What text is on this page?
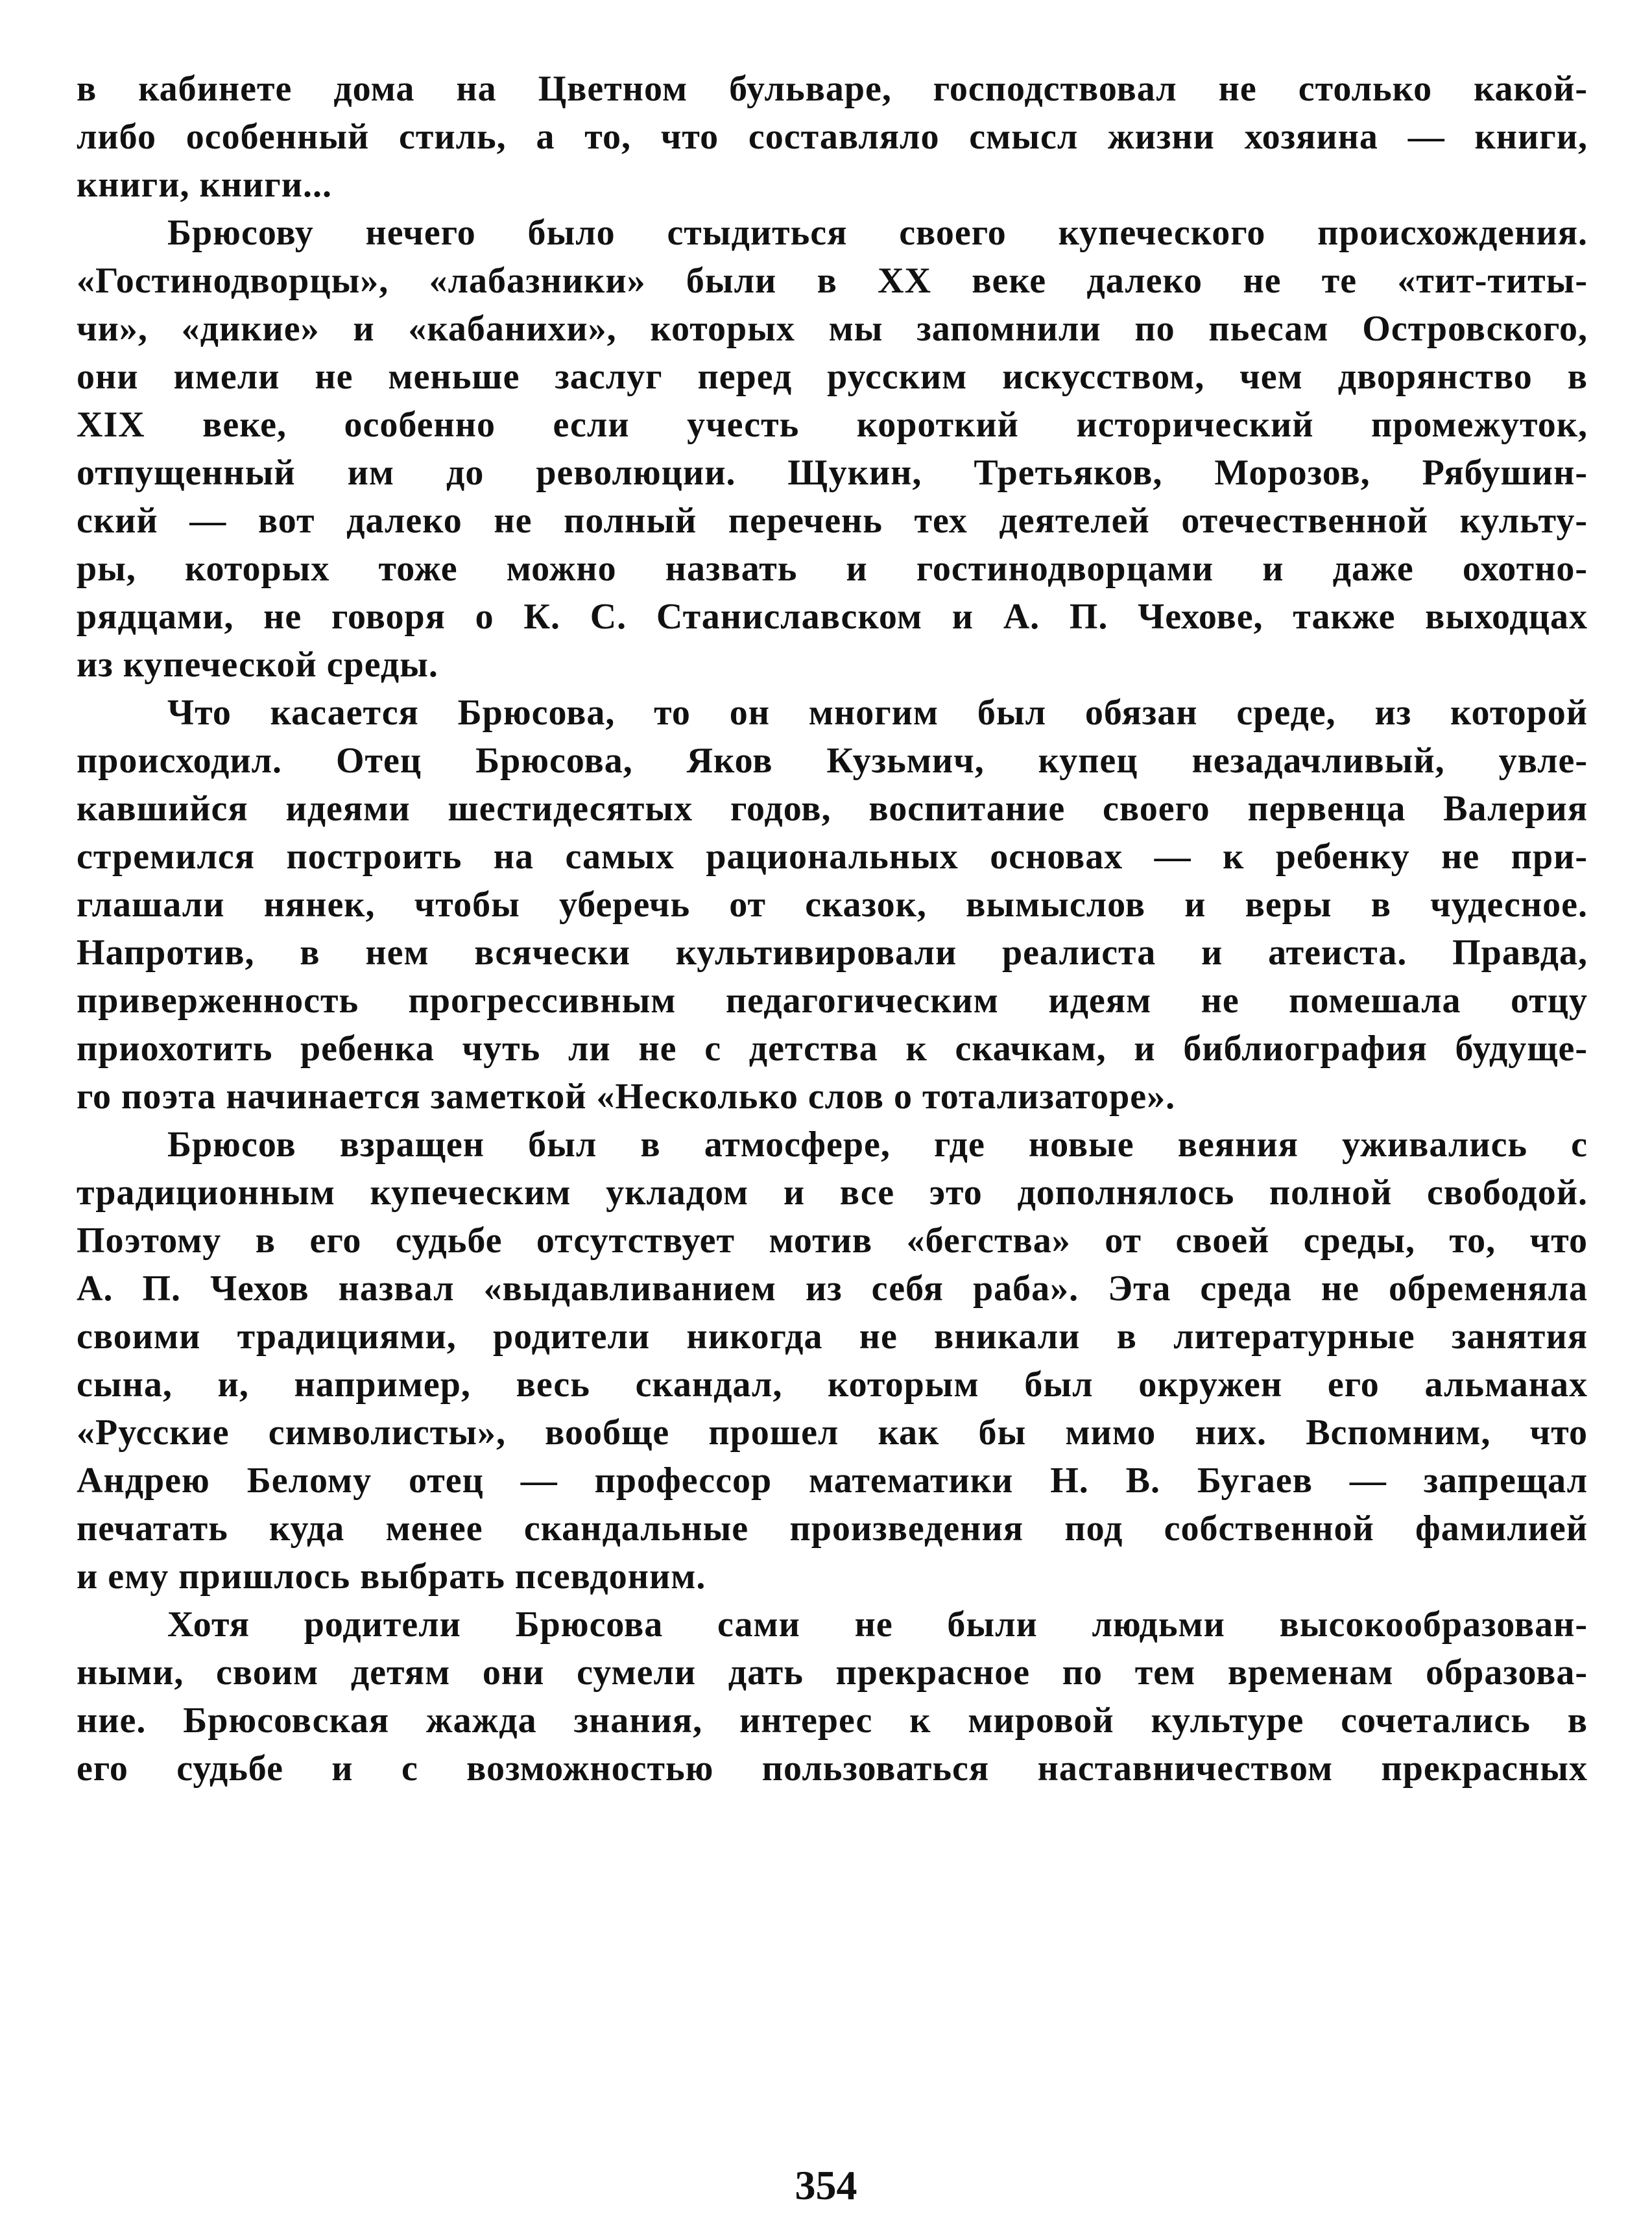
в кабинете дома на Цветном бульваре, господствовал не столько какой-
либо особенный стиль, а то, что составляло смысл жизни хозяина — книги,
книги, книги...
Брюсову нечего было стыдиться своего купеческого происхождения.
«Гостинодворцы», «лабазники» были в XX веке далеко не те «тит-титы-
чи», «дикие» и «кабанихи», которых мы запомнили по пьесам Островского,
они имели не меньше заслуг перед русским искусством, чем дворянство в
XIX веке, особенно если учесть короткий исторический промежуток,
отпущенный им до революции. Щукин, Третьяков, Морозов, Рябушин-
ский — вот далеко не полный перечень тех деятелей отечественной культу-
ры, которых тоже можно назвать и гостинодворцами и даже охотно-
рядцами, не говоря о К. С. Станиславском и А. П. Чехове, также выходцах
из купеческой среды.
Что касается Брюсова, то он многим был обязан среде, из которой
происходил. Отец Брюсова, Яков Кузьмич, купец незадачливый, увле-
кавшийся идеями шестидесятых годов, воспитание своего первенца Валерия
стремился построить на самых рациональных основах — к ребенку не при-
глашали нянек, чтобы уберечь от сказок, вымыслов и веры в чудесное.
Напротив, в нем всячески культивировали реалиста и атеиста. Правда,
приверженность прогрессивным педагогическим идеям не помешала отцу
приохотить ребенка чуть ли не с детства к скачкам, и библиография будуще-
го поэта начинается заметкой «Несколько слов о тотализаторе».
Брюсов взращен был в атмосфере, где новые веяния уживались с
традиционным купеческим укладом и все это дополнялось полной свободой.
Поэтому в его судьбе отсутствует мотив «бегства» от своей среды, то, что
А. П. Чехов назвал «выдавливанием из себя раба». Эта среда не обременяла
своими традициями, родители никогда не вникали в литературные занятия
сына, и, например, весь скандал, которым был окружен его альманах
«Русские символисты», вообще прошел как бы мимо них. Вспомним, что
Андрею Белому отец — профессор математики Н. В. Бугаев — запрещал
печатать куда менее скандальные произведения под собственной фамилией
и ему пришлось выбрать псевдоним.
Хотя родители Брюсова сами не были людьми высокообразован-
ными, своим детям они сумели дать прекрасное по тем временам образова-
ние. Брюсовская жажда знания, интерес к мировой культуре сочетались в
его судьбе и с возможностью пользоваться наставничеством прекрасных
354
